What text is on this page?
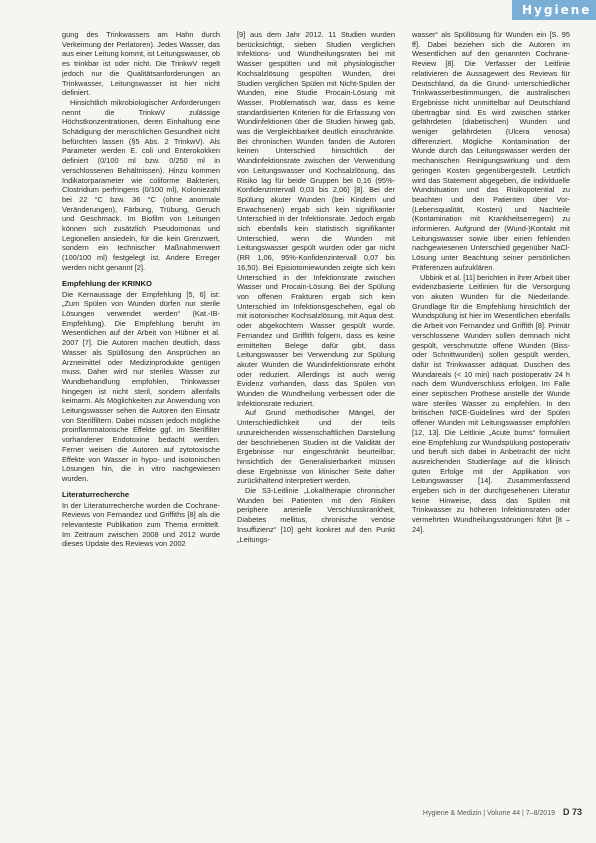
Hygiene

gung des Trinkwassers am Hahn durch Verkeimung der Perlatoren). Jedes Wasser, das aus einer Leitung kommt, ist Leitungswasser, ob es trinkbar ist oder nicht. Die TrinkwV regelt jedoch nur die Qualitätsanforderungen an Trinkwasser, Leitungswasser ist hier nicht definiert.

Hinsichtlich mikrobiologischer Anforderungen nennt die TrinkwV zulässige Höchstkonzentrationen, deren Einhaltung eine Schädigung der menschlichen Gesundheit nicht befürchten lassen (§5 Abs. 2 TrinkwV). Als Parameter werden E. coli und Enterokokken definiert (0/100 ml bzw. 0/250 ml in verschlossenen Behältnissen). Hinzu kommen Indikatorparameter wie coliforme Bakterien, Clostridium perfringens (0/100 ml), Koloniezahl bei 22 °C bzw. 36 °C (ohne anormale Veränderungen), Färbung, Trübung, Geruch und Geschmack. Im Biofilm von Leitungen können sich zusätzlich Pseudomonas und Legionellen ansiedeln, für die kein Grenzwert, sondern ein technischer Maßnahmenwert (100/100 ml) festgelegt ist. Andere Erreger werden nicht genannt [2].

Empfehlung der KRINKO

Die Kernaussage der Empfehlung [5, 6] ist: „Zum Spülen von Wunden dürfen nur sterile Lösungen verwendet werden“ (Kat.-IB-Empfehlung). Die Empfehlung beruht im Wesentlichen auf der Arbeit von Hübner et al. 2007 [7]. Die Autoren machen deutlich, dass Wasser als Spüllösung den Ansprüchen an Arzneimittel oder Medizinprodukte genügen muss. Daher wird nur steriles Wasser zur Wundbehandlung empfohlen, Trinkwasser hingegen ist nicht steril, sondern allenfalls keimarm. Als Möglichkeiten zur Anwendung von Leitungswasser sehen die Autoren den Einsatz von Sterilfiltern. Dabei müssen jedoch mögliche proinflammatorische Effekte ggf. im Sterilfilter vorhandener Endotoxine bedacht werden. Ferner weisen die Autoren auf zytotoxische Effekte von Wasser in hypo- und isotonischen Lösungen hin, die in vitro nachgewiesen wurden.

Literaturrecherche

In der Literaturrecherche wurden die Cochrane-Reviews von Fernandez und Griffiths [8] als die relevanteste Publikation zum Thema ermittelt. Im Zeitraum zwischen 2008 und 2012 wurde dieses Update des Reviews von 2002

[9] aus dem Jahr 2012. 11 Studien wurden berücksichtigt, sieben Studien verglichen Infektions- und Wundheilungsraten bei mit Wasser gespülten und mit physiologischer Kochsalzlösung gespülten Wunden, drei Studien verglichen Spülen mit Nicht-Spülen der Wunden, eine Studie Procain-Lösung mit Wasser. Problematisch war, dass es keine standardisierten Kriterien für die Erfassung von Wundinfektionen über die Studien hinweg gab, was die Vergleichbarkeit deutlich einschränkte. Bei chronischen Wunden fanden die Autoren keinen Unterschied hinsichtlich der Wundinfektionsrate zwischen der Verwendung von Leitungswasser und Kochsalzlösung, das Risiko lag für beide Gruppen bei 0,16 (95%-Konfidenzintervall 0,03 bis 2,06) [8]. Bei der Spülung akuter Wunden (bei Kindern und Erwachsenen) ergab sich kein signifikanter Unterschied in der Infektionsrate. Jedoch ergab sich ebenfalls kein statistisch signifikanter Unterschied, wenn die Wunden mit Leitungswasser gespült wurden oder gar nicht (RR 1,06, 95%-Konfidenzintervall 0,07 bis 16,50). Bei Episiotomiewunden zeigte sich kein Unterschied in der Infektionsrate zwischen Wasser und Procain-Lösung. Bei der Spülung von offenen Frakturen ergab sich kein Unterschied im Infektionsgeschehen, egal ob mit isotonischer Kochsalzlösung, mit Aqua dest. oder abgekochtem Wasser gespült wurde. Fernandez und Griffith folgern, dass es keine ermittelten Belege dafür gibt, dass Leitungswasser bei Verwendung zur Spülung akuter Wunden die Wundinfektionsrate erhöht oder reduziert. Allerdings ist auch wenig Evidenz vorhanden, dass das Spülen von Wunden die Wundheilung verbessert oder die Infektionsrate reduziert.

Auf Grund methodischer Mängel, der Unterschiedlichkeit und der teils unzureichenden wissenschaftlichen Darstellung der beschriebenen Studien ist die Validität der Ergebnisse nur eingeschränkt beurteilbar; hinsichtlich der Generalisierbarkeit müssen diese Ergebnisse von klinischer Seite daher zurückhaltend interpretiert werden.

Die S3-Leitlinie „Lokaltherapie chronischer Wunden bei Patienten mit den Risiken periphere arterielle Verschlusskrankheit, Diabetes mellitus, chronische venöse Insuffizienz“ [10] geht konkret auf den Punkt „Leitungs-

wasser“ als Spüllösung für Wunden ein [S. 95 ff]. Dabei beziehen sich die Autoren im Wesentlichen auf den genannten Cochrane-Review [8]. Die Verfasser der Leitlinie relativieren die Aussagewert des Reviews für Deutschland, da die Grund- unterschiedlicher Trinkwasserbestimmungen, die australischen Ergebnisse nicht unmittelbar auf Deutschland übertragbar sind. Es wird zwischen stärker gefährdeten (diabetischen) Wunden und weniger gefährdeten (Ulcera venosa) differenziert. Mögliche Kontamination der Wunde durch das Leitungswasser werden der mechanischen Reinigungswirkung und dem geringen Kosten gegenübergestellt. Letztlich wird das Statement abgegeben, die individuelle Wundsituation und das Risikopotential zu beachten und den Patienten über Vor- (Lebensqualität, Kosten) und Nachteile (Kontamination mit Krankheitserregern) zu informieren. Aufgrund der (Wund-)Kontakt mit Leitungswasser sowie über einen fehlenden nachgewiesenen Unterschied gegenüber NaCl-Lösung unter Beachtung seiner persönlichen Präferenzen aufzuklären.

Ubbink et al. [11] berichten in ihrer Arbeit über evidenzbasierte Leitlinien für die Versorgung von akuten Wunden für die Niederlande. Grundlage für die Empfehlung hinsichtlich der Wundspülung ist hier im Wesentlichen ebenfalls die Arbeit von Fernandez und Griffith [8]. Primär verschlossene Wunden sollen demnach nicht gespült, verschmutzte offene Wunden (Biss- oder Schnittwunden) sollen gespült werden, dafür ist Trinkwasser adäquat. Duschen des Wundareals (< 10 min) nach postoperativ 24 h nach dem Wundverschluss erfolgen. Im Falle einer septischen Prothese anstelle der Wunde wäre steriles Wasser zu empfehlen. In den britischen NICE-Guidelines wird der Spülen offener Wunden mit Leitungswasser empfohlen [12, 13]. Die Leitlinie „Acute burns“ formuliert eine Empfehlung zur Wundspülung postoperativ und beruft sich dabei in Anbetracht der nicht ausreichenden Studienlage auf die klinisch guten Erfolge mit der Applikation von Leitungswasser [14]. Zusammenfassend ergeben sich in der durchgesehenen Literatur keine Hinweise, dass das Spülen mit Trinkwasser zu höheren Infektionsraten oder vermehrten Wundheilungsstörungen führt [8 – 24].

Hygiene & Medizin | Volume 44 | 7–8/2019 D 73
